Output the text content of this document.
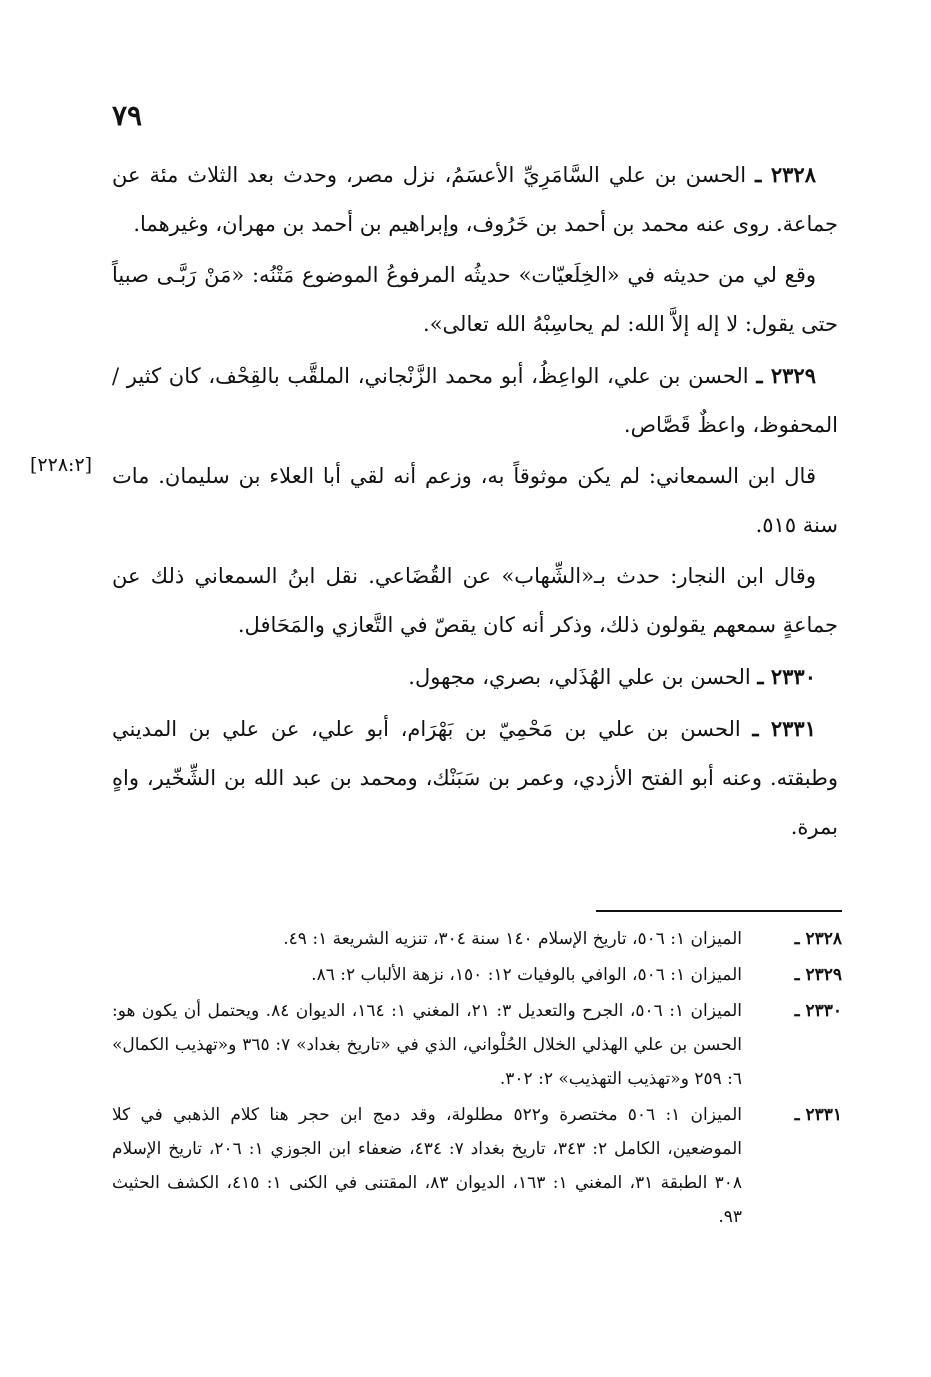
٧٩
[٢٢٨:٢]

٢٣٢٨ ـ الحسن بن علي السَّامَرِيِّ الأعسَمُ، نزل مصر، وحدث بعد الثلاث مئة عن جماعة. روى عنه محمد بن أحمد بن خَرُوف، وإبراهيم بن أحمد بن مهران، وغيرهما.

وقع لي من حديثه في «الخِلَعيّات» حديثُه المرفوعُ الموضوع مَتْنُه: «مَنْ رَبَّـى صبياً حتى يقول: لا إله إلاَّ الله: لم يحاسِبْهُ الله تعالى».

٢٣٢٩ ـ الحسن بن علي، الواعِظُ، أبو محمد الزَّنْجاني، الملقَّب بالقِحْف، كان كثير / المحفوظ، واعظٌ قَصَّاص.

قال ابن السمعاني: لم يكن موثوقاً به، وزعم أنه لقي أبا العلاء بن سليمان. مات سنة ٥١٥.

وقال ابن النجار: حدث بـ«الشِّهاب» عن القُضَاعي. نقل ابنُ السمعاني ذلك عن جماعةٍ سمعهم يقولون ذلك، وذكر أنه كان يقصّ في التَّعازي والمَحَافل.

٢٣٣٠ ـ الحسن بن علي الهُذَلي، بصري، مجهول.

٢٣٣١ ـ الحسن بن علي بن مَحْمِيّ بن بَهْرَام، أبو علي، عن علي بن المديني وطبقته. وعنه أبو الفتح الأزدي، وعمر بن سَبَنْك، ومحمد بن عبد الله بن الشِّخّير، واهٍ بمرة.

٢٣٢٨ ـ
الميزان ١: ٥٠٦، تاريخ الإسلام ١٤٠ سنة ٣٠٤، تنزيه الشريعة ١: ٤٩.
٢٣٢٩ ـ
الميزان ١: ٥٠٦، الوافي بالوفيات ١٢: ١٥٠، نزهة الألباب ٢: ٨٦.
٢٣٣٠ ـ
الميزان ١: ٥٠٦، الجرح والتعديل ٣: ٢١، المغني ١: ١٦٤، الديوان ٨٤. ويحتمل أن يكون هو: الحسن بن علي الهذلي الخلال الحُلْواني، الذي في «تاريخ بغداد» ٧: ٣٦٥ و«تهذيب الكمال» ٦: ٢٥٩ و«تهذيب التهذيب» ٢: ٣٠٢.
٢٣٣١ ـ
الميزان ١: ٥٠٦ مختصرة و٥٢٢ مطلولة، وقد دمج ابن حجر هنا كلام الذهبي في كلا الموضعين، الكامل ٢: ٣٤٣، تاريخ بغداد ٧: ٤٣٤، ضعفاء ابن الجوزي ١: ٢٠٦، تاريخ الإسلام ٣٠٨ الطبقة ٣١، المغني ١: ١٦٣، الديوان ٨٣، المقتنى في الكنى ١: ٤١٥، الكشف الحثيث ٩٣.
